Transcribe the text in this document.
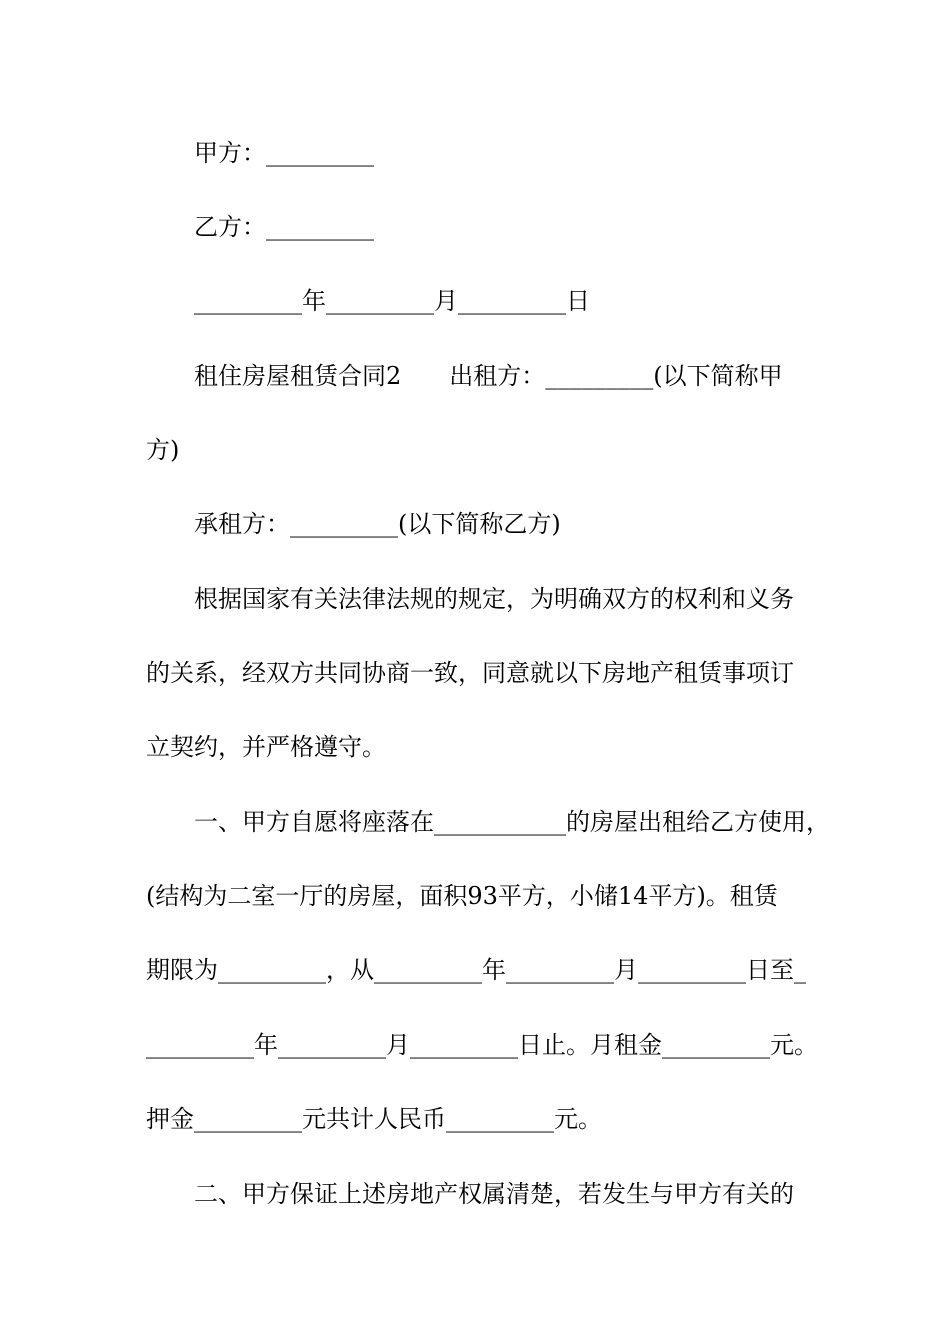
甲方：_________
乙方：_________
_________年_________月_________日
租住房屋租赁合同2　　出租方：_________(以下简称甲
方)
承租方：_________(以下简称乙方)
根据国家有关法律法规的规定，为明确双方的权利和义务
的关系，经双方共同协商一致，同意就以下房地产租赁事项订
立契约，并严格遵守。
一、甲方自愿将座落在___________的房屋出租给乙方使用，
(结构为二室一厅的房屋，面积93平方，小储14平方)。租赁
期限为_________，从_________年_________月_________日至_
_________年_________月_________日止。月租金_________元。
押金_________元共计人民币_________元。
二、甲方保证上述房地产权属清楚，若发生与甲方有关的
